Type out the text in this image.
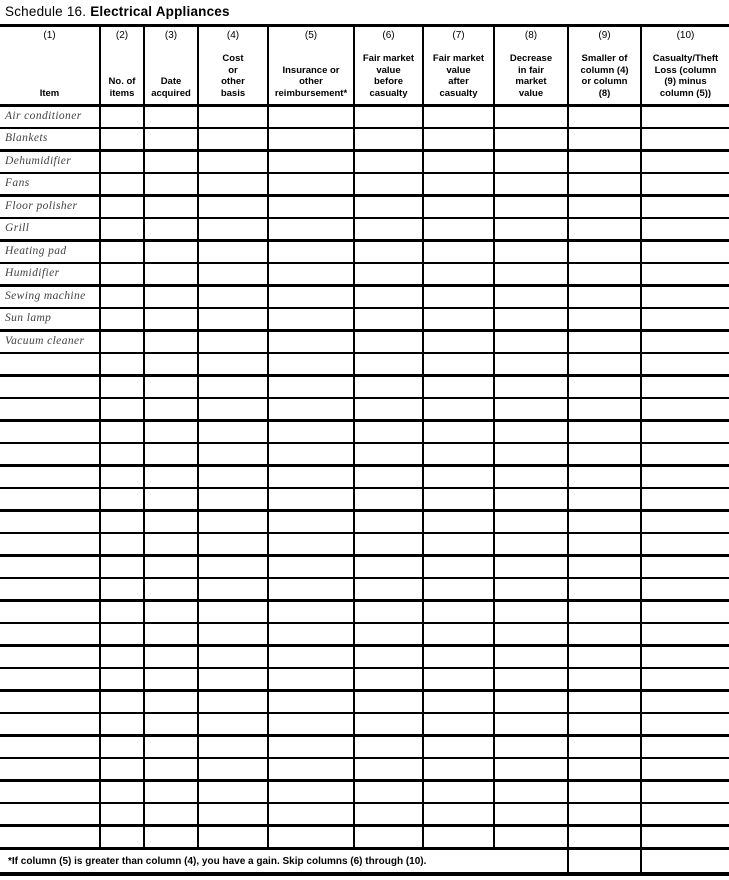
Schedule 16. Electrical Appliances
(1)
Item
(2)
No. of
items
(3)
Date
acquired
(4)
Cost
or
other
basis
(5)
Insurance or
other
reimbursement*
(6)
Fair market
value
before
casualty
(7)
Fair market
value
after
casualty
(8)
Decrease
in fair
market
value
(9)
Smaller of
column (4)
or column
(8)
(10)
Casualty/Theft
Loss (column
(9) minus
column (5))
Air conditioner
Blankets
Dehumidifier
Fans
Floor polisher
Grill
Heating pad
Humidifier
Sewing machine
Sun lamp
Vacuum cleaner
*If column (5) is greater than column (4), you have a gain. Skip columns (6) through (10).
